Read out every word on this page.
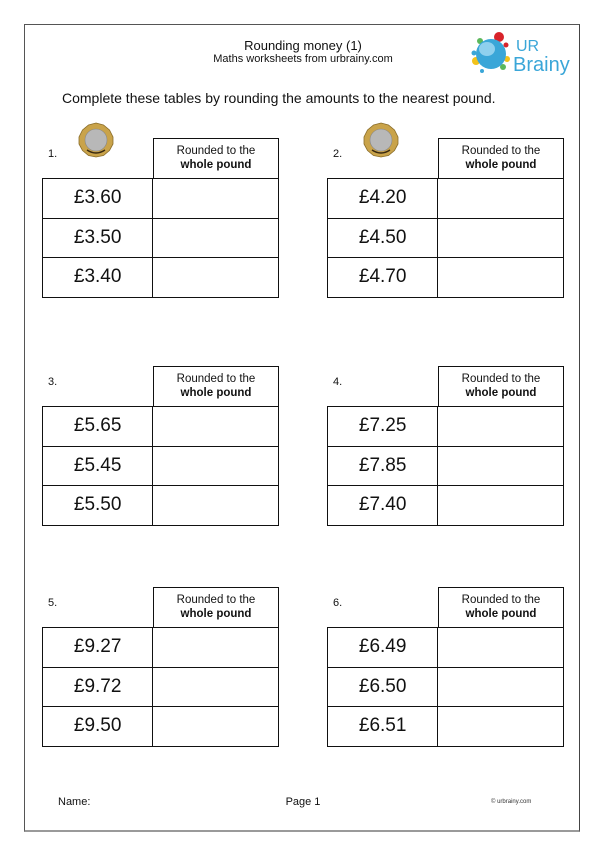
Rounding money (1)
Maths worksheets from urbrainy.com
UR
Brainy
Complete these tables by rounding the amounts to the nearest pound.
1.	Rounded to the
whole pound
£3.60	
£3.50	
£3.40	
2.	Rounded to the
whole pound
£4.20	
£4.50	
£4.70	
3.	Rounded to the
whole pound
£5.65	
£5.45	
£5.50	
4.	Rounded to the
whole pound
£7.25	
£7.85	
£7.40	
5.	Rounded to the
whole pound
£9.27	
£9.72	
£9.50	
6.	Rounded to the
whole pound
£6.49	
£6.50	
£6.51	
Name:	Page 1	© urbrainy.com
